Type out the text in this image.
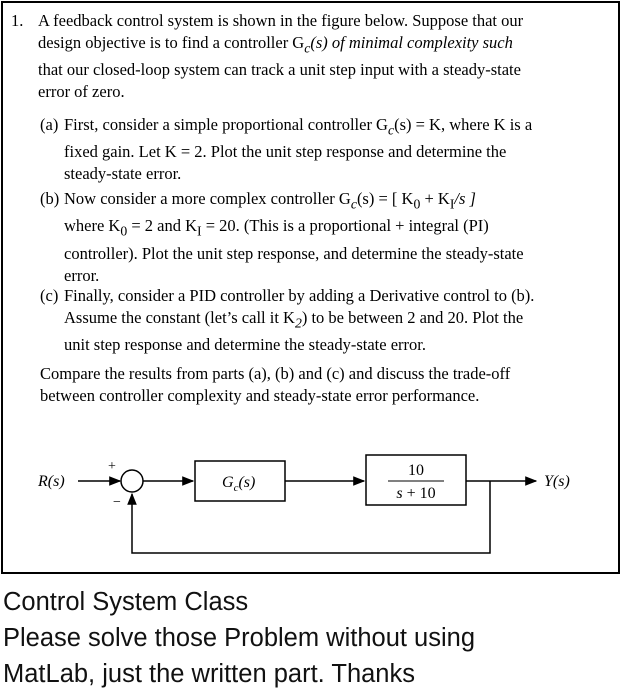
1. A feedback control system is shown in the figure below. Suppose that our
design objective is to find a controller $G_c(s)$ of minimal complexity such
that our closed-loop system can track a unit step input with a steady-state
error of zero.
(a) First, consider a simple proportional controller $G_c(s) = K$, where K is a
fixed gain. Let K = 2. Plot the unit step response and determine the
steady-state error.
(b) Now consider a more complex controller $G_c(s)$ = [ $K_0 + K_I/s$ ]
where $K_0 = 2$ and $K_I = 20$. (This is a proportional + integral (PI)
controller). Plot the unit step response, and determine the steady-state
error.
(c) Finally, consider a PID controller by adding a Derivative control to (b).
Assume the constant (let’s call it $K_2$) to be between 2 and 20. Plot the
unit step response and determine the steady-state error.
Compare the results from parts (a), (b) and (c) and discuss the trade-off
between controller complexity and steady-state error performance.
R(s)
+
−
$G_c(s)$
10
s + 10
Y(s)
Control System Class
Please solve those Problem without using
MatLab, just the written part. Thanks
